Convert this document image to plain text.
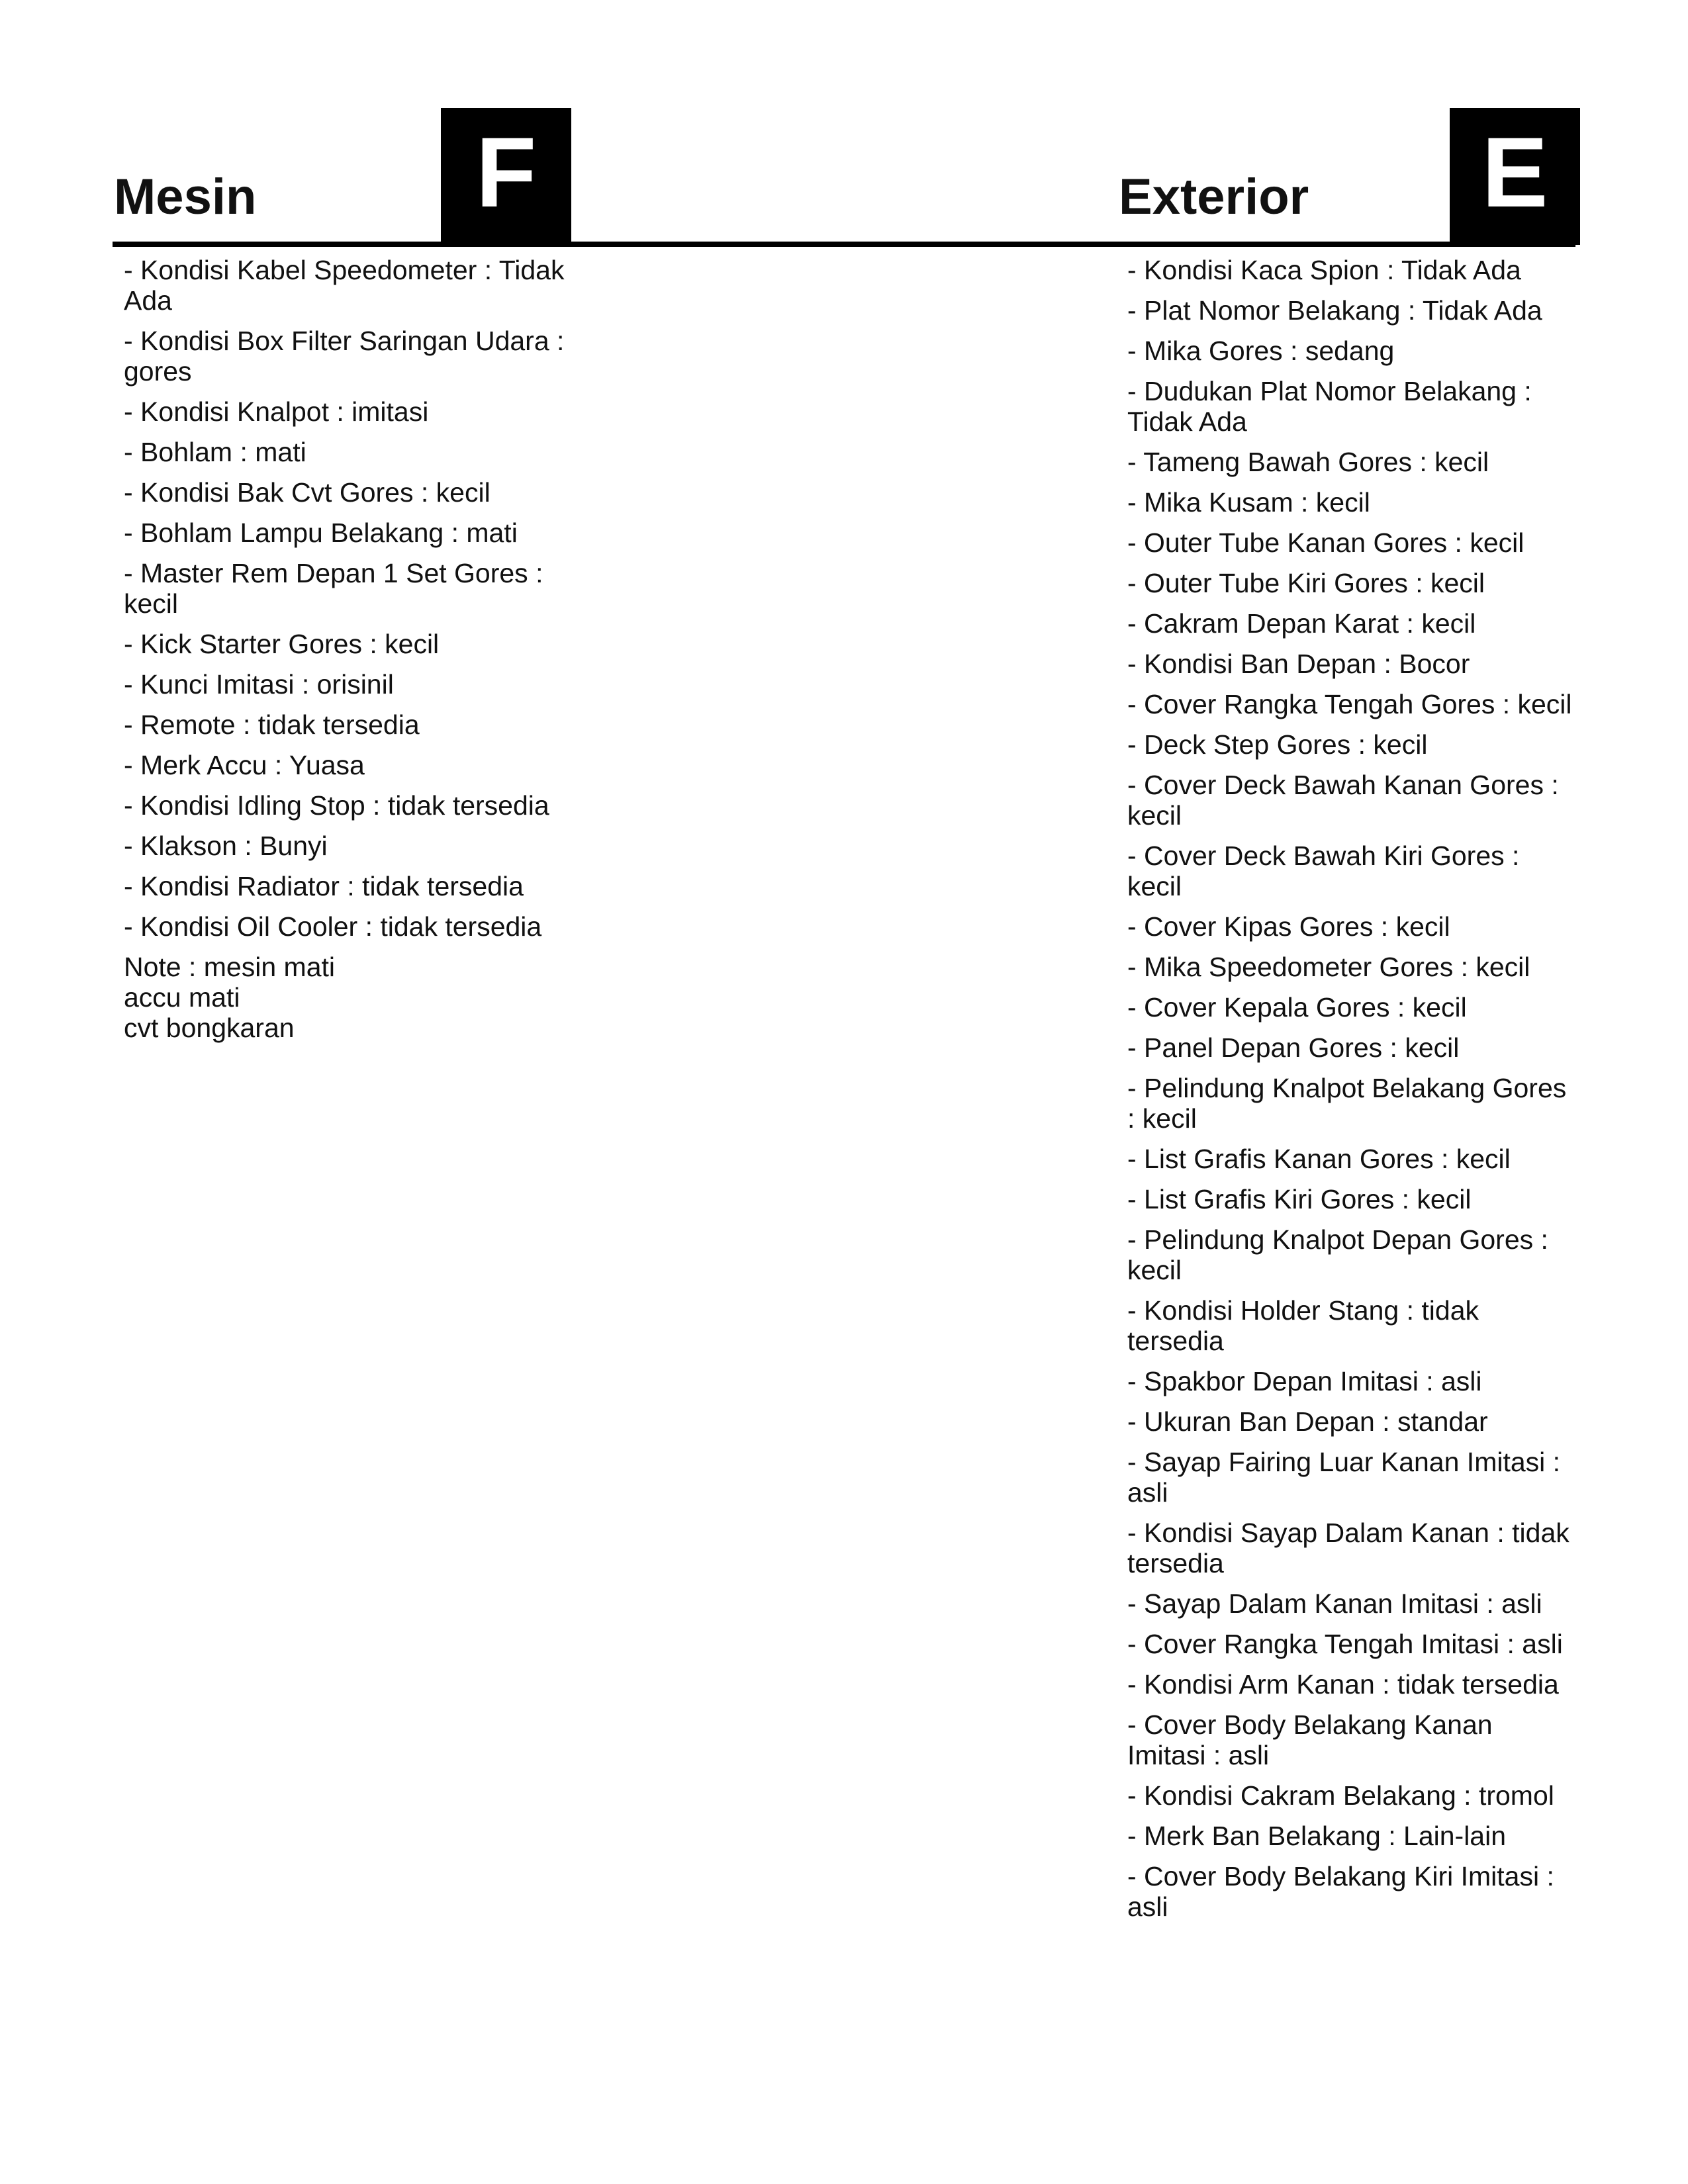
Mesin	F	Exterior	E
- Kondisi Kabel Speedometer : Tidak Ada
- Kondisi Box Filter Saringan Udara : gores
- Kondisi Knalpot : imitasi
- Bohlam : mati
- Kondisi Bak Cvt Gores : kecil
- Bohlam Lampu Belakang : mati
- Master Rem Depan 1 Set Gores : kecil
- Kick Starter Gores : kecil
- Kunci Imitasi : orisinil
- Remote : tidak tersedia
- Merk Accu : Yuasa
- Kondisi Idling Stop : tidak tersedia
- Klakson : Bunyi
- Kondisi Radiator : tidak tersedia
- Kondisi Oil Cooler : tidak tersedia
Note : mesin mati
accu mati
cvt bongkaran
- Kondisi Kaca Spion : Tidak Ada
- Plat Nomor Belakang : Tidak Ada
- Mika Gores : sedang
- Dudukan Plat Nomor Belakang : Tidak Ada
- Tameng Bawah Gores : kecil
- Mika Kusam : kecil
- Outer Tube Kanan Gores : kecil
- Outer Tube Kiri Gores : kecil
- Cakram Depan Karat : kecil
- Kondisi Ban Depan : Bocor
- Cover Rangka Tengah Gores : kecil
- Deck Step Gores : kecil
- Cover Deck Bawah Kanan Gores : kecil
- Cover Deck Bawah Kiri Gores : kecil
- Cover Kipas Gores : kecil
- Mika Speedometer Gores : kecil
- Cover Kepala Gores : kecil
- Panel Depan Gores : kecil
- Pelindung Knalpot Belakang Gores : kecil
- List Grafis Kanan Gores : kecil
- List Grafis Kiri Gores : kecil
- Pelindung Knalpot Depan Gores : kecil
- Kondisi Holder Stang : tidak tersedia
- Spakbor Depan Imitasi : asli
- Ukuran Ban Depan : standar
- Sayap Fairing Luar Kanan Imitasi : asli
- Kondisi Sayap Dalam Kanan : tidak tersedia
- Sayap Dalam Kanan Imitasi : asli
- Cover Rangka Tengah Imitasi : asli
- Kondisi Arm Kanan : tidak tersedia
- Cover Body Belakang Kanan Imitasi : asli
- Kondisi Cakram Belakang : tromol
- Merk Ban Belakang : Lain-lain
- Cover Body Belakang Kiri Imitasi : asli
